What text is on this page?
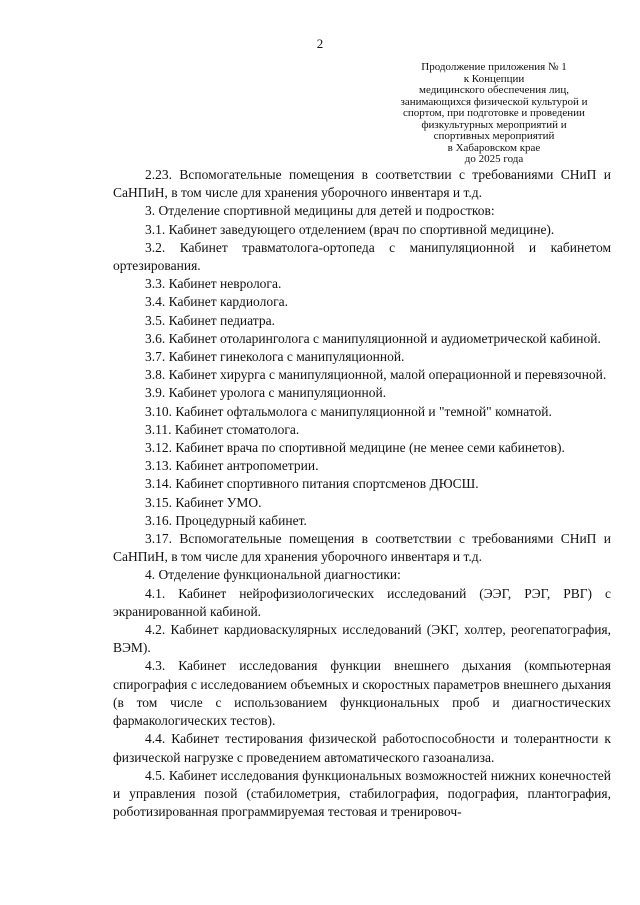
2
Продолжение приложения № 1
к Концепции
медицинского обеспечения лиц,
занимающихся физической культурой и
спортом, при подготовке и проведении
физкультурных мероприятий и
спортивных мероприятий
в Хабаровском крае
до 2025 года

2.23. Вспомогательные помещения в соответствии с требованиями СНиП и СаНПиН, в том числе для хранения уборочного инвентаря и т.д.

3. Отделение спортивной медицины для детей и подростков:

3.1. Кабинет заведующего отделением (врач по спортивной медицине).

3.2. Кабинет травматолога-ортопеда с манипуляционной и кабинетом ортезирования.

3.3. Кабинет невролога.

3.4. Кабинет кардиолога.

3.5. Кабинет педиатра.

3.6. Кабинет отоларинголога с манипуляционной и аудиометрической кабиной.

3.7. Кабинет гинеколога с манипуляционной.

3.8. Кабинет хирурга с манипуляционной, малой операционной и перевязочной.

3.9. Кабинет уролога с манипуляционной.

3.10. Кабинет офтальмолога с манипуляционной и "темной" комнатой.

3.11. Кабинет стоматолога.

3.12. Кабинет врача по спортивной медицине (не менее семи кабинетов).

3.13. Кабинет антропометрии.

3.14. Кабинет спортивного питания спортсменов ДЮСШ.

3.15. Кабинет УМО.

3.16. Процедурный кабинет.

3.17. Вспомогательные помещения в соответствии с требованиями СНиП и СаНПиН, в том числе для хранения уборочного инвентаря и т.д.

4. Отделение функциональной диагностики:

4.1. Кабинет нейрофизиологических исследований (ЭЭГ, РЭГ, РВГ) с экранированной кабиной.

4.2. Кабинет кардиоваскулярных исследований (ЭКГ, холтер, реогепатография, ВЭМ).

4.3. Кабинет исследования функции внешнего дыхания (компьютерная спирография с исследованием объемных и скоростных параметров внешнего дыхания (в том числе с использованием функциональных проб и диагностических фармакологических тестов).

4.4. Кабинет тестирования физической работоспособности и толерантности к физической нагрузке с проведением автоматического газоанализа.

4.5. Кабинет исследования функциональных возможностей нижних конечностей и управления позой (стабилометрия, стабилография, подография, плантография, роботизированная программируемая тестовая и тренировоч-
